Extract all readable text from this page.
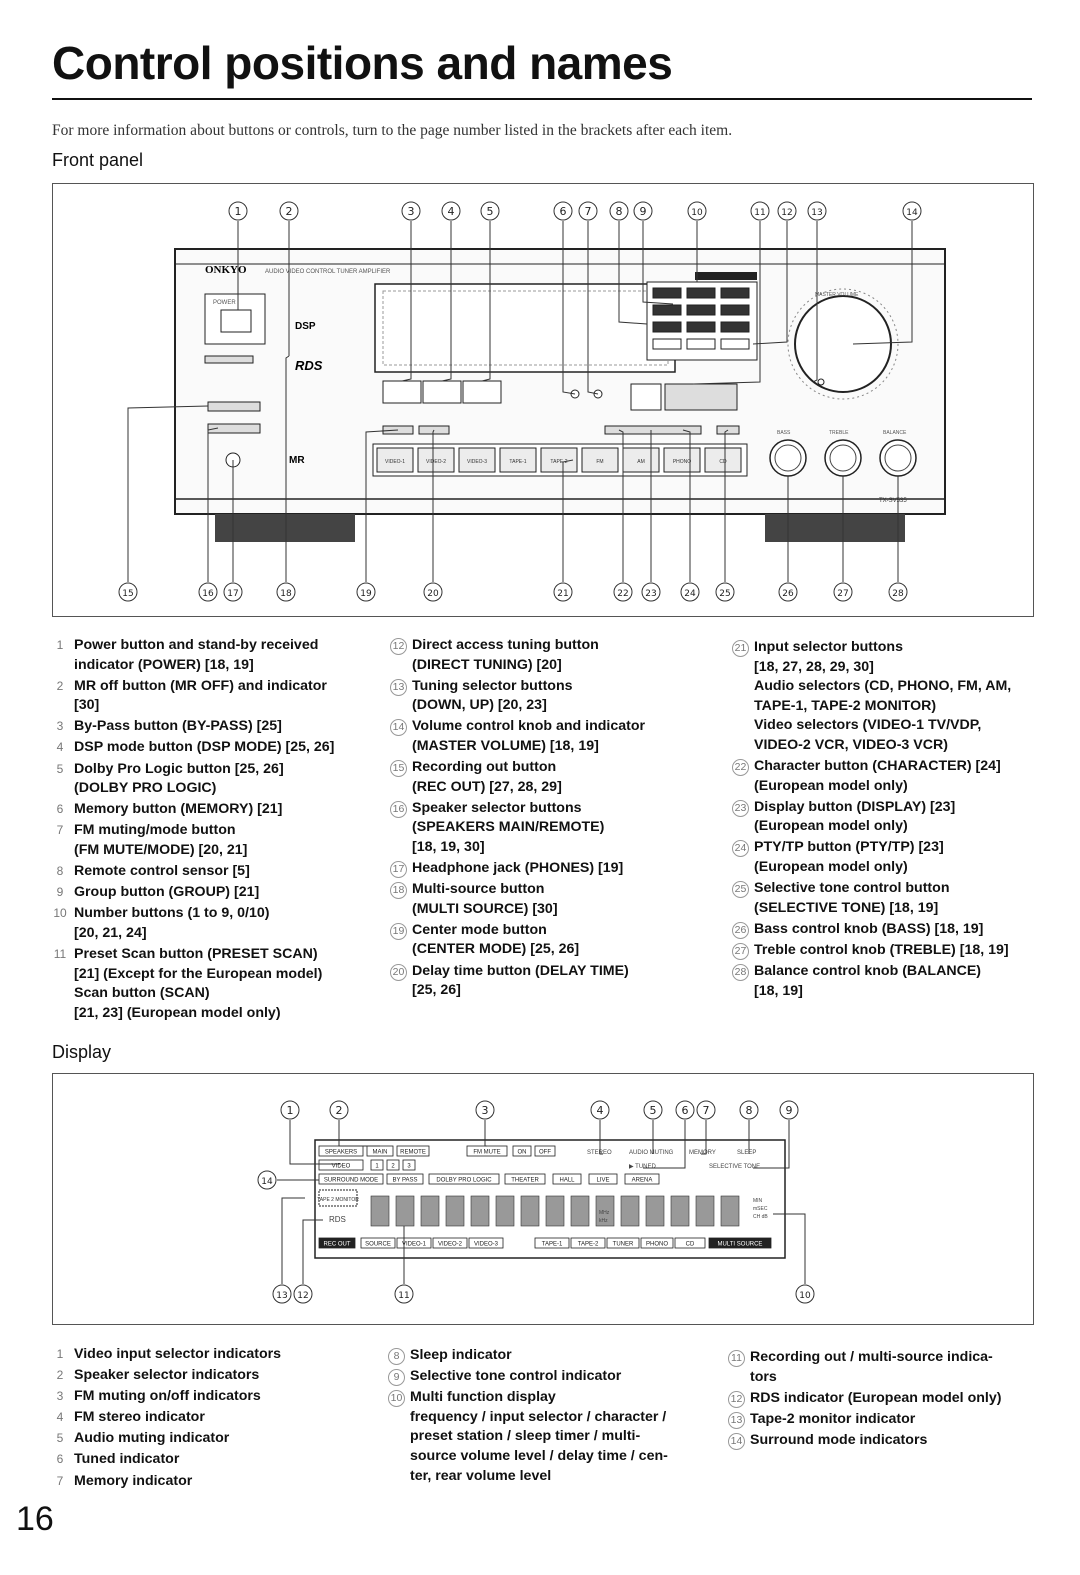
Control positions and names
For more information about buttons or controls, turn to the page number listed in the brackets after each item.
Front panel
ONKYO	AUDIO VIDEO CONTROL TUNER AMPLIFIER
POWER
DSP
RDS
MR
MASTER VOLUME
VIDEO-1	VIDEO-2	VIDEO-3	TAPE-1	TAPE-2	FM	AM	PHONO	CD
BASS	TREBLE	BALANCE
TX-SV535
1	2	3	4	5	6 7 8 9	10	11 12 13	14
15	16 17	18	19	20	21	22 23	24	25	26	27	28
1 Power button and stand-by received
indicator (POWER) [18, 19]
2 MR off button (MR OFF) and indicator
[30]
3 By-Pass button (BY-PASS) [25]
4 DSP mode button (DSP MODE) [25, 26]
5 Dolby Pro Logic button [25, 26]
(DOLBY PRO LOGIC)
6 Memory button (MEMORY) [21]
7 FM muting/mode button
(FM MUTE/MODE) [20, 21]
8 Remote control sensor [5]
9 Group button (GROUP) [21]
10 Number buttons (1 to 9, 0/10)
[20, 21, 24]
11 Preset Scan button (PRESET SCAN)
[21] (Except for the European model)
Scan button (SCAN)
[21, 23] (European model only)
12 Direct access tuning button
(DIRECT TUNING) [20]
13 Tuning selector buttons
(DOWN, UP) [20, 23]
14 Volume control knob and indicator
(MASTER VOLUME) [18, 19]
15 Recording out button
(REC OUT) [27, 28, 29]
16 Speaker selector buttons
(SPEAKERS MAIN/REMOTE)
[18, 19, 30]
17 Headphone jack (PHONES) [19]
18 Multi-source button
(MULTI SOURCE) [30]
19 Center mode button
(CENTER MODE) [25, 26]
20 Delay time button (DELAY TIME)
[25, 26]
21 Input selector buttons
[18, 27, 28, 29, 30]
Audio selectors (CD, PHONO, FM, AM,
TAPE-1, TAPE-2 MONITOR)
Video selectors (VIDEO-1 TV/VDP,
VIDEO-2 VCR, VIDEO-3 VCR)
22 Character button (CHARACTER) [24]
(European model only)
23 Display button (DISPLAY) [23]
(European model only)
24 PTY/TP button (PTY/TP) [23]
(European model only)
25 Selective tone control button
(SELECTIVE TONE) [18, 19]
26 Bass control knob (BASS) [18, 19]
27 Treble control knob (TREBLE) [18, 19]
28 Balance control knob (BALANCE)
[18, 19]
Display
SPEAKERS	MAIN REMOTE	FM MUTE	ON OFF	STEREO	AUDIO MUTING	MEMORY	SLEEP
VIDEO	1 2 3	▶ TUNED	SELECTIVE TONE
SURROUND MODE BY PASS	DOLBY PRO LOGIC	THEATER	HALL	LIVE	ARENA
TAPE 2 MONITOR
RDS
MHz
kHz
MIN
mSEC
CH dB
REC OUT SOURCE VIDEO-1 VIDEO-2 VIDEO-3	TAPE-1	TAPE-2 TUNER PHONO	CD	MULTI SOURCE
1	2	3	4	5 6 7	8	9
10
11
12
13
14
1 Video input selector indicators
2 Speaker selector indicators
3 FM muting on/off indicators
4 FM stereo indicator
5 Audio muting indicator
6 Tuned indicator
7 Memory indicator
8 Sleep indicator
9 Selective tone control indicator
10 Multi function display
frequency / input selector / character /
preset station / sleep timer / multi-
source volume level / delay time / cen-
ter, rear volume level
11 Recording out / multi-source indica-
tors
12 RDS indicator (European model only)
13 Tape-2 monitor indicator
14 Surround mode indicators
16
